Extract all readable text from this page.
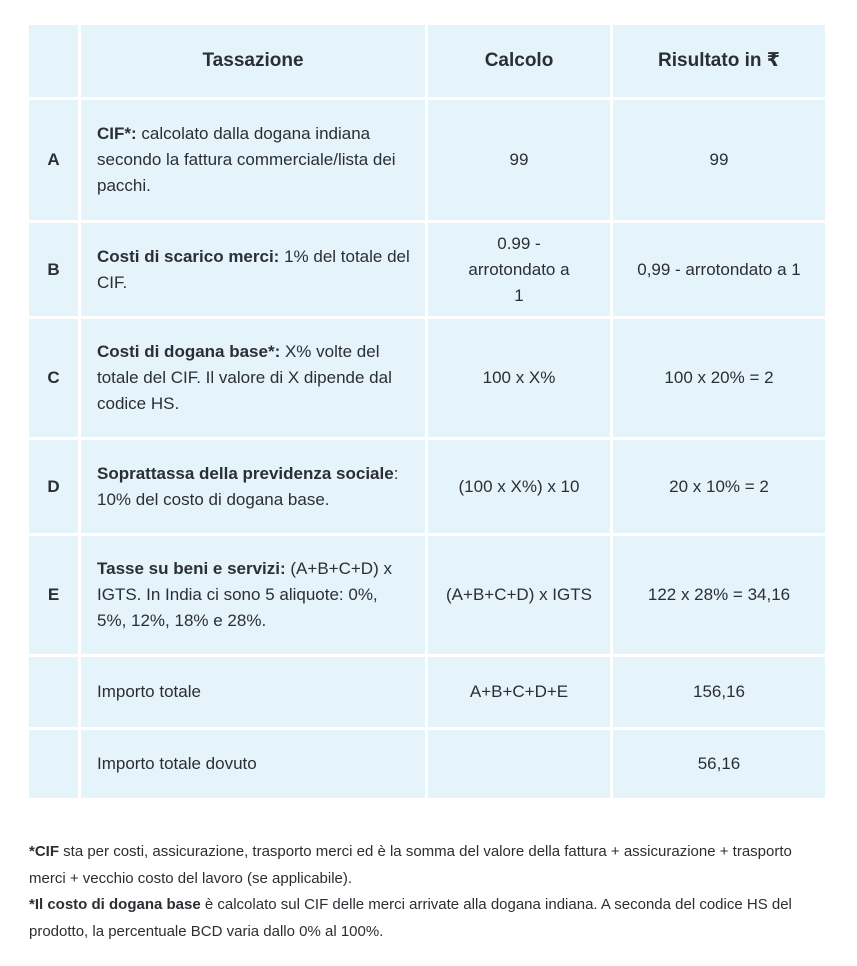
	Tassazione	Calcolo	Risultato in ₹
A	CIF*: calcolato dalla dogana indiana secondo la fattura commerciale/lista dei pacchi.	99	99
B	Costi di scarico merci: 1% del totale del CIF.	0.99 - arrotondato a 1	0,99 - arrotondato a 1
C	Costi di dogana base*: X% volte del totale del CIF. Il valore di X dipende dal codice HS.	100 x X%	100 x 20% = 2
D	Soprattassa della previdenza sociale: 10% del costo di dogana base.	(100 x X%) x 10	20 x 10% = 2
E	Tasse su beni e servizi: (A+B+C+D) x IGTS. In India ci sono 5 aliquote: 0%, 5%, 12%, 18% e 28%.	(A+B+C+D) x IGTS	122 x 28% = 34,16
	Importo totale	A+B+C+D+E	156,16
	Importo totale dovuto		56,16

*CIF sta per costi, assicurazione, trasporto merci ed è la somma del valore della fattura + assicurazione + trasporto merci + vecchio costo del lavoro (se applicabile).

*Il costo di dogana base è calcolato sul CIF delle merci arrivate alla dogana indiana. A seconda del codice HS del prodotto, la percentuale BCD varia dallo 0% al 100%.
